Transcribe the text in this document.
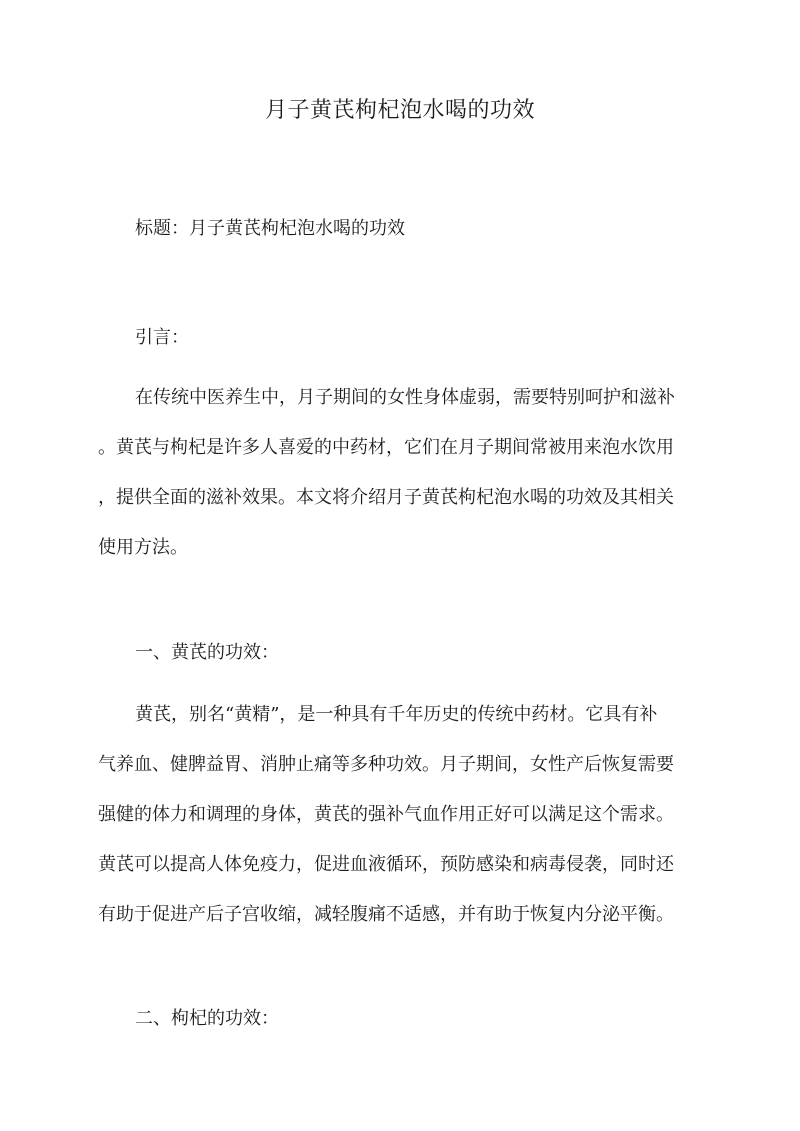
月子黄芪枸杞泡水喝的功效
标题：月子黄芪枸杞泡水喝的功效
引言：
在传统中医养生中，月子期间的女性身体虚弱，需要特别呵护和滋补
。黄芪与枸杞是许多人喜爱的中药材，它们在月子期间常被用来泡水饮用
，提供全面的滋补效果。本文将介绍月子黄芪枸杞泡水喝的功效及其相关
使用方法。
一、黄芪的功效：
黄芪，别名“黄精”，是一种具有千年历史的传统中药材。它具有补
气养血、健脾益胃、消肿止痛等多种功效。月子期间，女性产后恢复需要
强健的体力和调理的身体，黄芪的强补气血作用正好可以满足这个需求。
黄芪可以提高人体免疫力，促进血液循环，预防感染和病毒侵袭，同时还
有助于促进产后子宫收缩，减轻腹痛不适感，并有助于恢复内分泌平衡。
二、枸杞的功效：
